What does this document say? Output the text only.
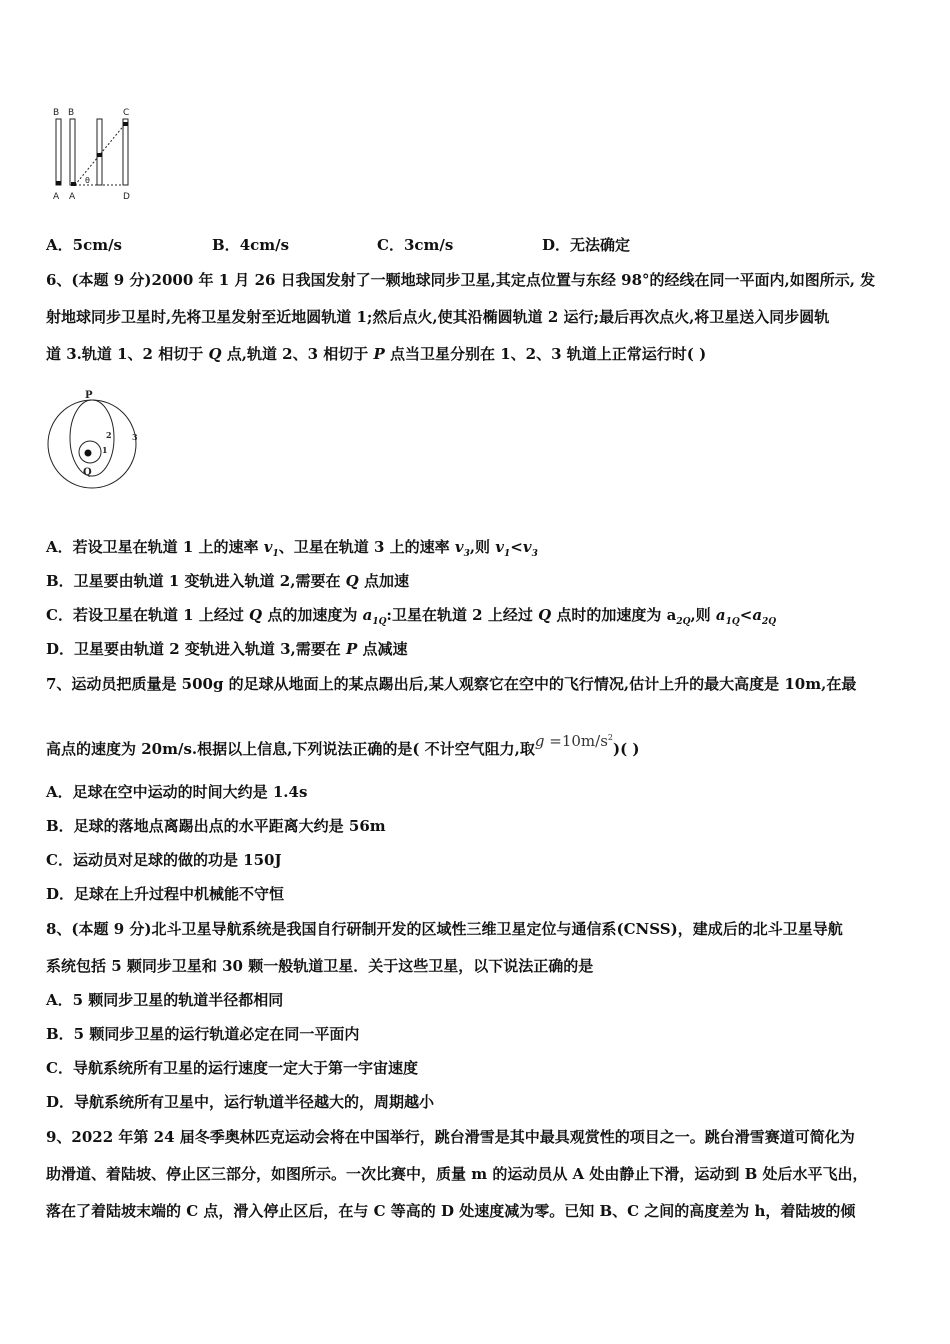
B B	C
A A	D
θ
A．5cm/s	B．4cm/s	C．3cm/s	D．无法确定
6、(本题 9 分)2000 年 1 月 26 日我国发射了一颗地球同步卫星,其定点位置与东经 98°的经线在同一平面内,如图所示, 发
射地球同步卫星时,先将卫星发射至近地圆轨道 1;然后点火,使其沿椭圆轨道 2 运行;最后再次点火,将卫星送入同步圆轨
道 3.轨道 1、2 相切于 Q 点,轨道 2、3 相切于 P 点当卫星分别在 1、2、3 轨道上正常运行时( )
P
Q
1
2	3
A．若设卫星在轨道 1 上的速率 $v_1$、卫星在轨道 3 上的速率 $v_3$,则 $v_1<v_3$
B．卫星要由轨道 1 变轨进入轨道 2,需要在 Q 点加速
C．若设卫星在轨道 1 上经过 Q 点的加速度为 $a_{1Q}$:卫星在轨道 2 上经过 Q 点时的加速度为 $a_{2Q}$,则 $a_{1Q}<a_{2Q}$
D．卫星要由轨道 2 变轨进入轨道 3,需要在 P 点减速
7、运动员把质量是 500g 的足球从地面上的某点踢出后,某人观察它在空中的飞行情况,估计上升的最大高度是 10m,在最
高点的速度为 20m/s.根据以上信息,下列说法正确的是( 不计空气阻力,取$g =10m/s^2$)( )
A．足球在空中运动的时间大约是 1.4s
B．足球的落地点离踢出点的水平距离大约是 56m
C．运动员对足球的做的功是 150J
D．足球在上升过程中机械能不守恒
8、(本题 9 分)北斗卫星导航系统是我国自行研制开发的区域性三维卫星定位与通信系(CNSS)，建成后的北斗卫星导航
系统包括 5 颗同步卫星和 30 颗一般轨道卫星．关于这些卫星，以下说法正确的是
A．5 颗同步卫星的轨道半径都相同
B．5 颗同步卫星的运行轨道必定在同一平面内
C．导航系统所有卫星的运行速度一定大于第一宇宙速度
D．导航系统所有卫星中，运行轨道半径越大的，周期越小
9、2022 年第 24 届冬季奥林匹克运动会将在中国举行，跳台滑雪是其中最具观赏性的项目之一。跳台滑雪赛道可简化为
助滑道、着陆坡、停止区三部分，如图所示。一次比赛中，质量 m 的运动员从 A 处由静止下滑，运动到 B 处后水平飞出，
落在了着陆坡末端的 C 点，滑入停止区后，在与 C 等高的 D 处速度减为零。已知 B、C 之间的高度差为 h，着陆坡的倾
